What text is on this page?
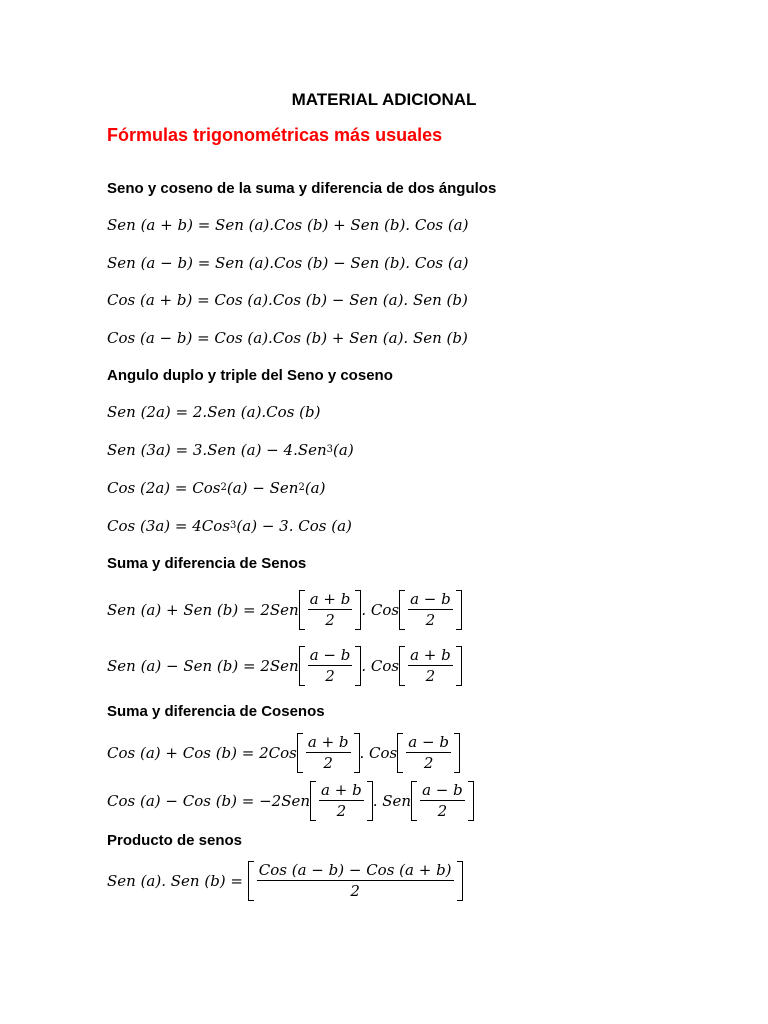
MATERIAL ADICIONAL
Fórmulas trigonométricas más usuales
Seno y coseno de la suma y diferencia de dos ángulos
Sen (a + b) = Sen (a).Cos (b) + Sen (b). Cos (a)
Sen (a − b) = Sen (a).Cos (b) − Sen (b). Cos (a)
Cos (a + b) = Cos (a).Cos (b) − Sen (a). Sen (b)
Cos (a − b) = Cos (a).Cos (b) + Sen (a). Sen (b)
Angulo duplo y triple del Seno y coseno
Sen (2a) = 2.Sen (a).Cos (b)
Sen (3a) = 3.Sen (a) − 4.Sen 3 (a)
Cos (2a) = Cos 2 (a) − Sen 2 (a)
Cos (3a) = 4Cos 3 (a) − 3. Cos (a)
Suma y diferencia de Senos
Sen (a) + Sen $(b) = 2Sen \frac{a + b}{2}$ . Cos $\frac{a - b}{2}$
Sen (a) − Sen $(b) = 2Sen \frac{a - b}{2}$ . Cos $\frac{a + b}{2}$
Suma y diferencia de Cosenos
Cos (a) + Cos $(b) = 2Cos \frac{a + b}{2}$ . Cos $\frac{a - b}{2}$
Cos (a) − Cos $(b) = -2Sen \frac{a + b}{2}$ . Sen $\frac{a - b}{2}$
Producto de senos
Sen (a). Sen $(b) = \frac{\text{Cos (a − b) − Cos (a + b)}}{2}$
